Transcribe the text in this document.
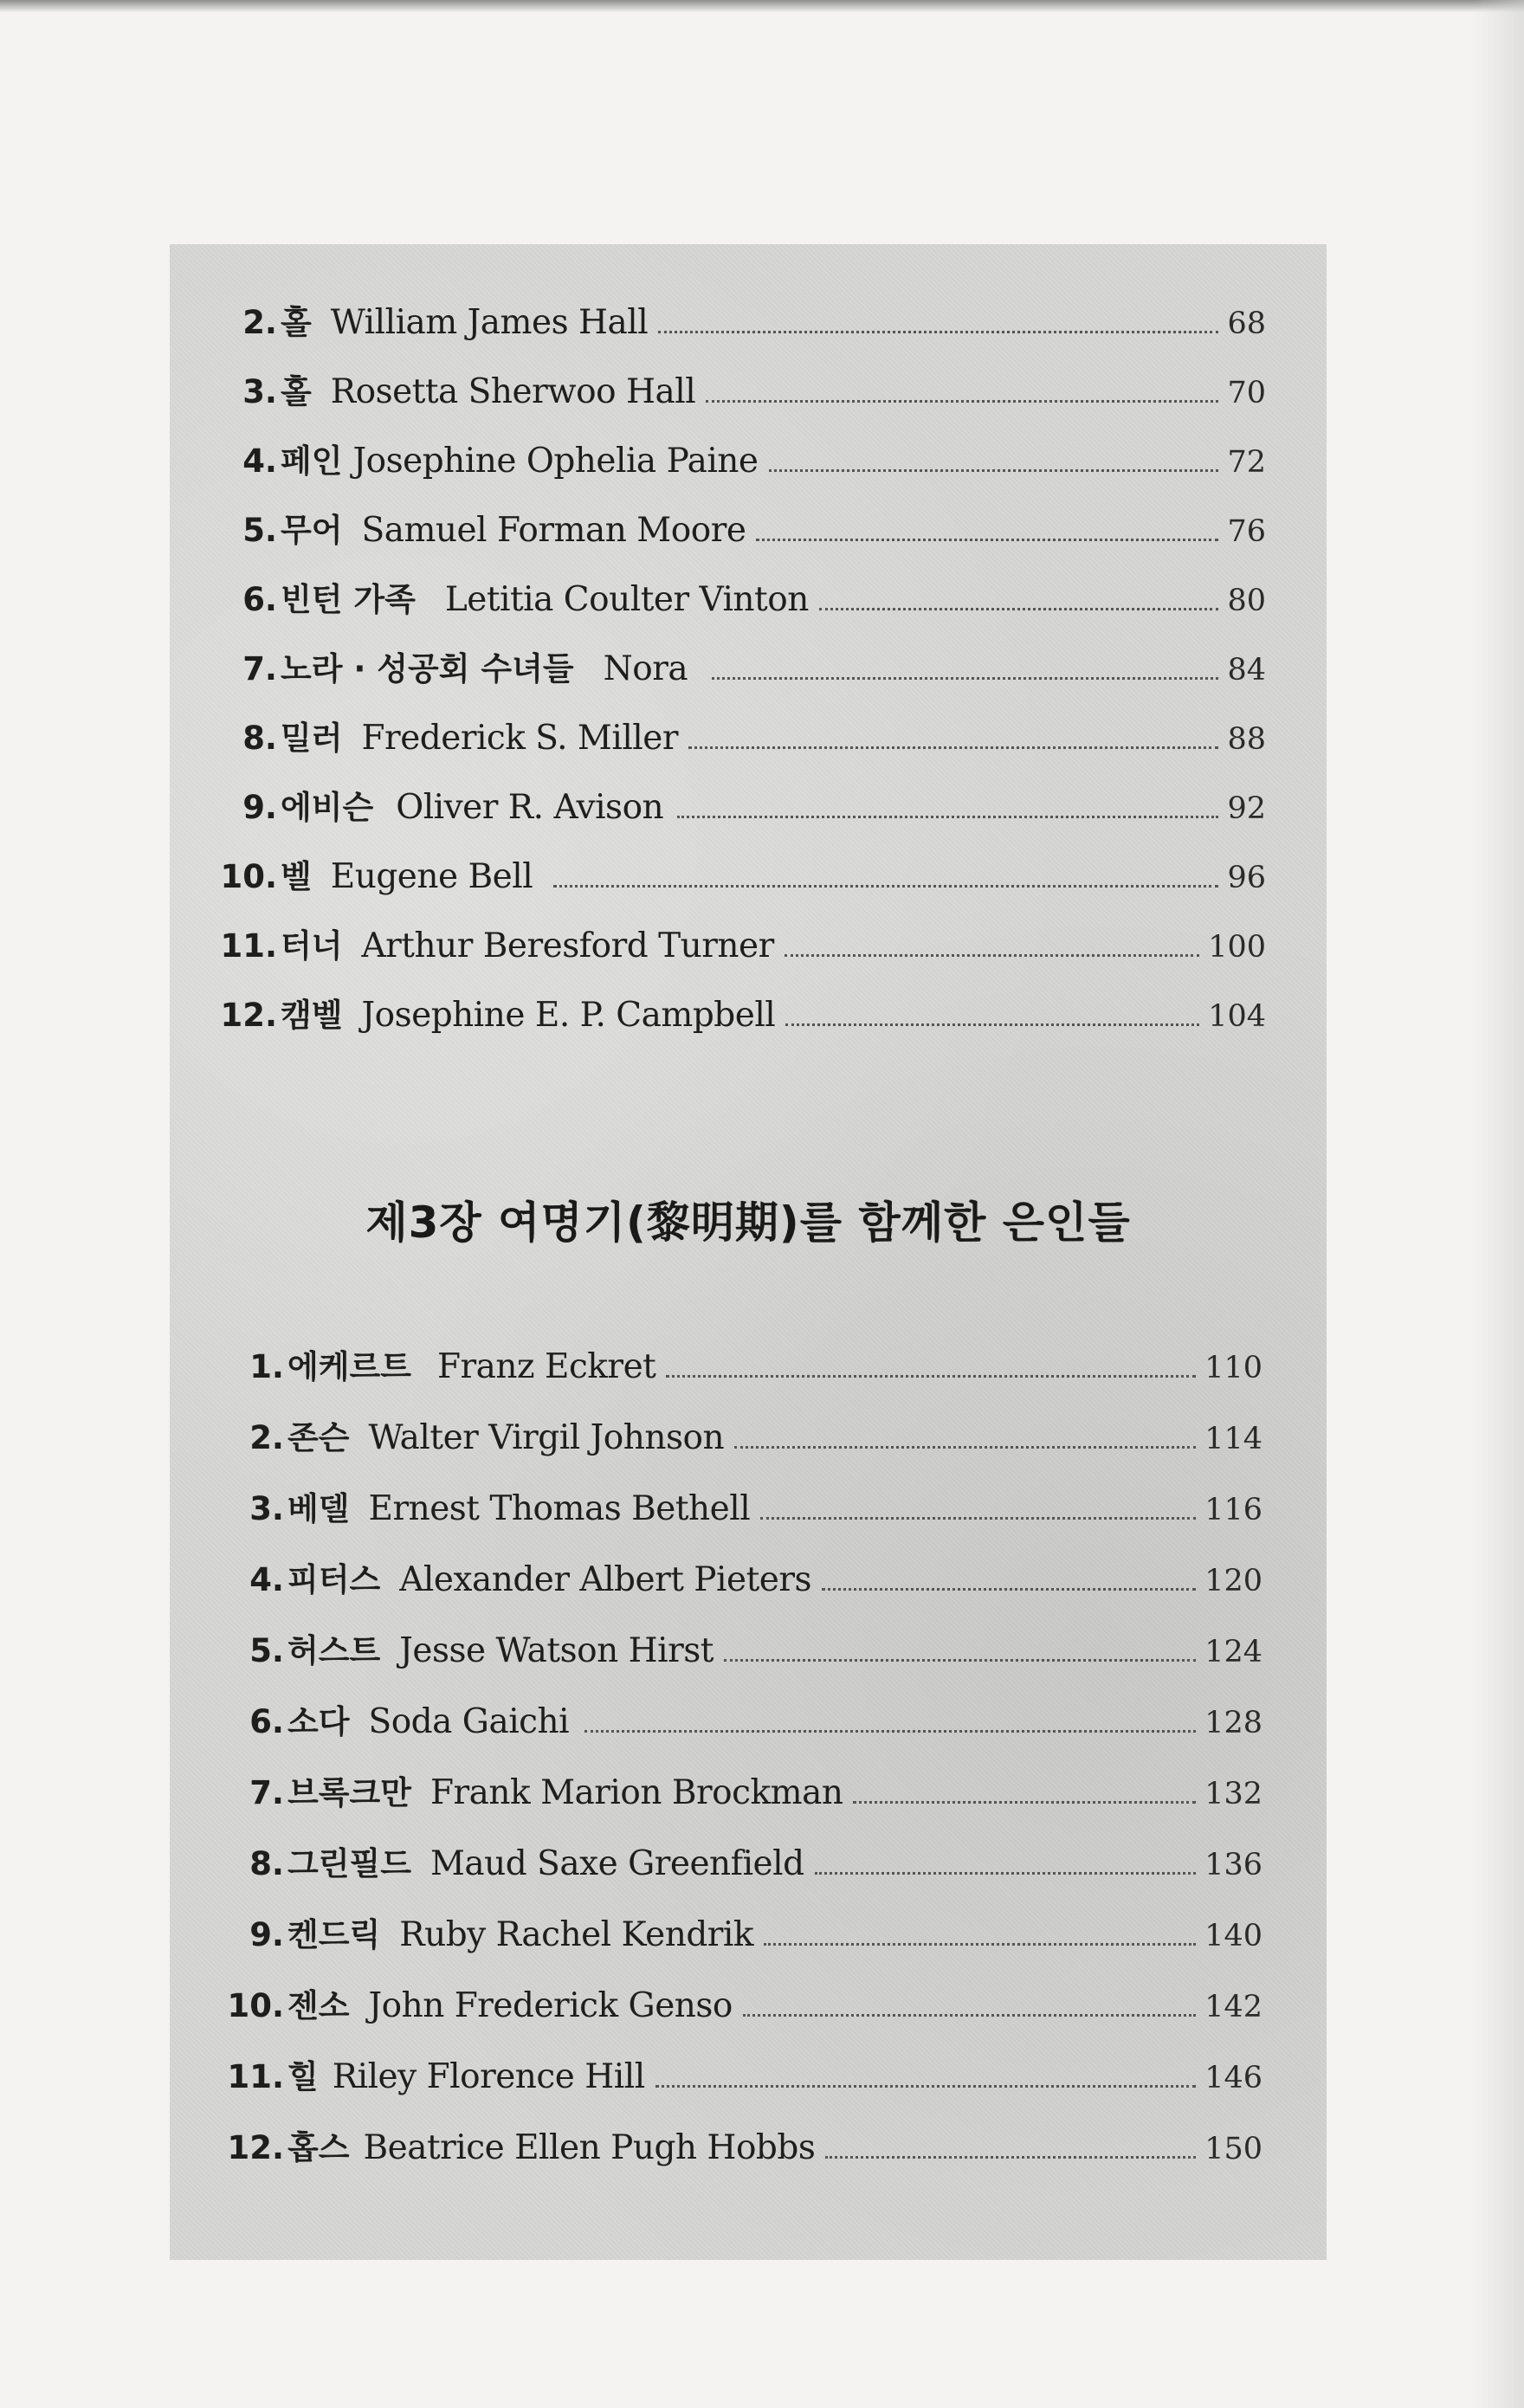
2. 홀 William James Hall	68
3. 홀 Rosetta Sherwoo Hall	70
4. 페인 Josephine Ophelia Paine	72
5. 무어 Samuel Forman Moore	76
6. 빈턴 가족 Letitia Coulter Vinton	80
7. 노라 · 성공회 수녀들 Nora	84
8. 밀러 Frederick S. Miller	88
9. 에비슨 Oliver R. Avison	92
10. 벨 Eugene Bell	96
11. 터너 Arthur Beresford Turner	100
12. 캠벨 Josephine E. P. Campbell	104
제3장 여명기(黎明期)를 함께한 은인들
1. 에케르트 Franz Eckret	110
2. 존슨 Walter Virgil Johnson	114
3. 베델 Ernest Thomas Bethell	116
4. 피터스 Alexander Albert Pieters	120
5. 허스트 Jesse Watson Hirst	124
6. 소다 Soda Gaichi	128
7. 브록크만 Frank Marion Brockman	132
8. 그린필드 Maud Saxe Greenfield	136
9. 켄드릭 Ruby Rachel Kendrik	140
10. 젠소 John Frederick Genso	142
11. 힐 Riley Florence Hill	146
12. 홉스 Beatrice Ellen Pugh Hobbs	150
